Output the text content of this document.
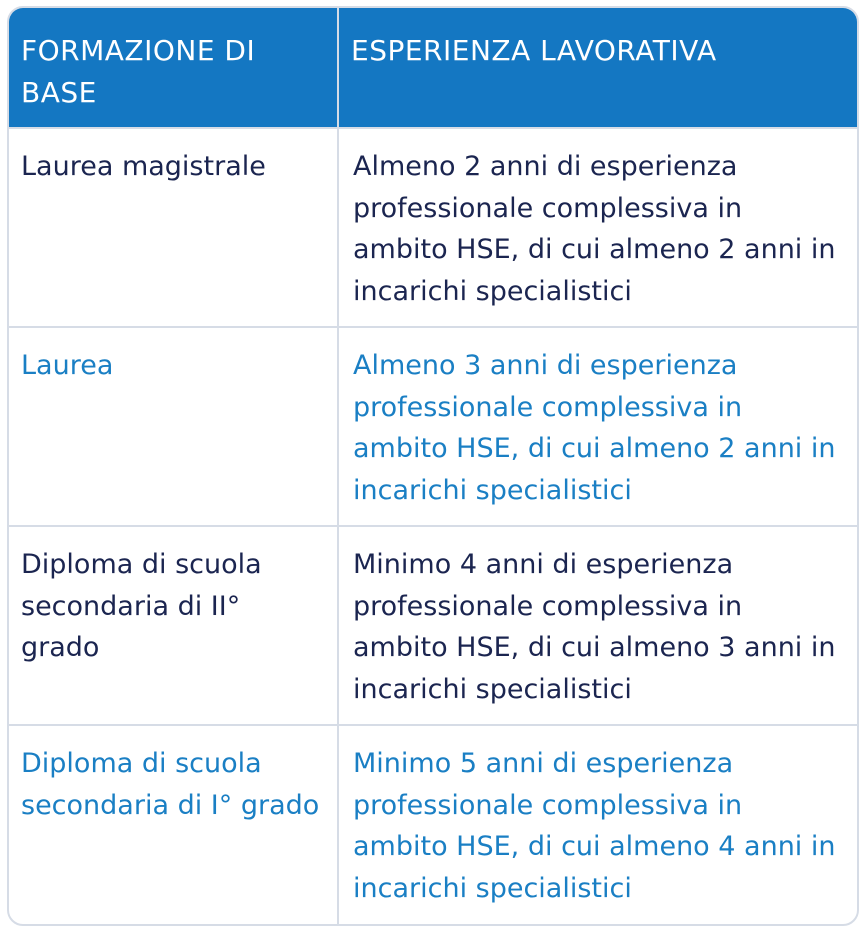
FORMAZIONE DI BASE	ESPERIENZA LAVORATIVA
Laurea magistrale	Almeno 2 anni di esperienza professionale complessiva in ambito HSE, di cui almeno 2 anni in incarichi specialistici
Laurea	Almeno 3 anni di esperienza professionale complessiva in ambito HSE, di cui almeno 2 anni in incarichi specialistici
Diploma di scuola secondaria di II° grado	Minimo 4 anni di esperienza professionale complessiva in ambito HSE, di cui almeno 3 anni in incarichi specialistici
Diploma di scuola secondaria di I° grado	Minimo 5 anni di esperienza professionale complessiva in ambito HSE, di cui almeno 4 anni in incarichi specialistici
